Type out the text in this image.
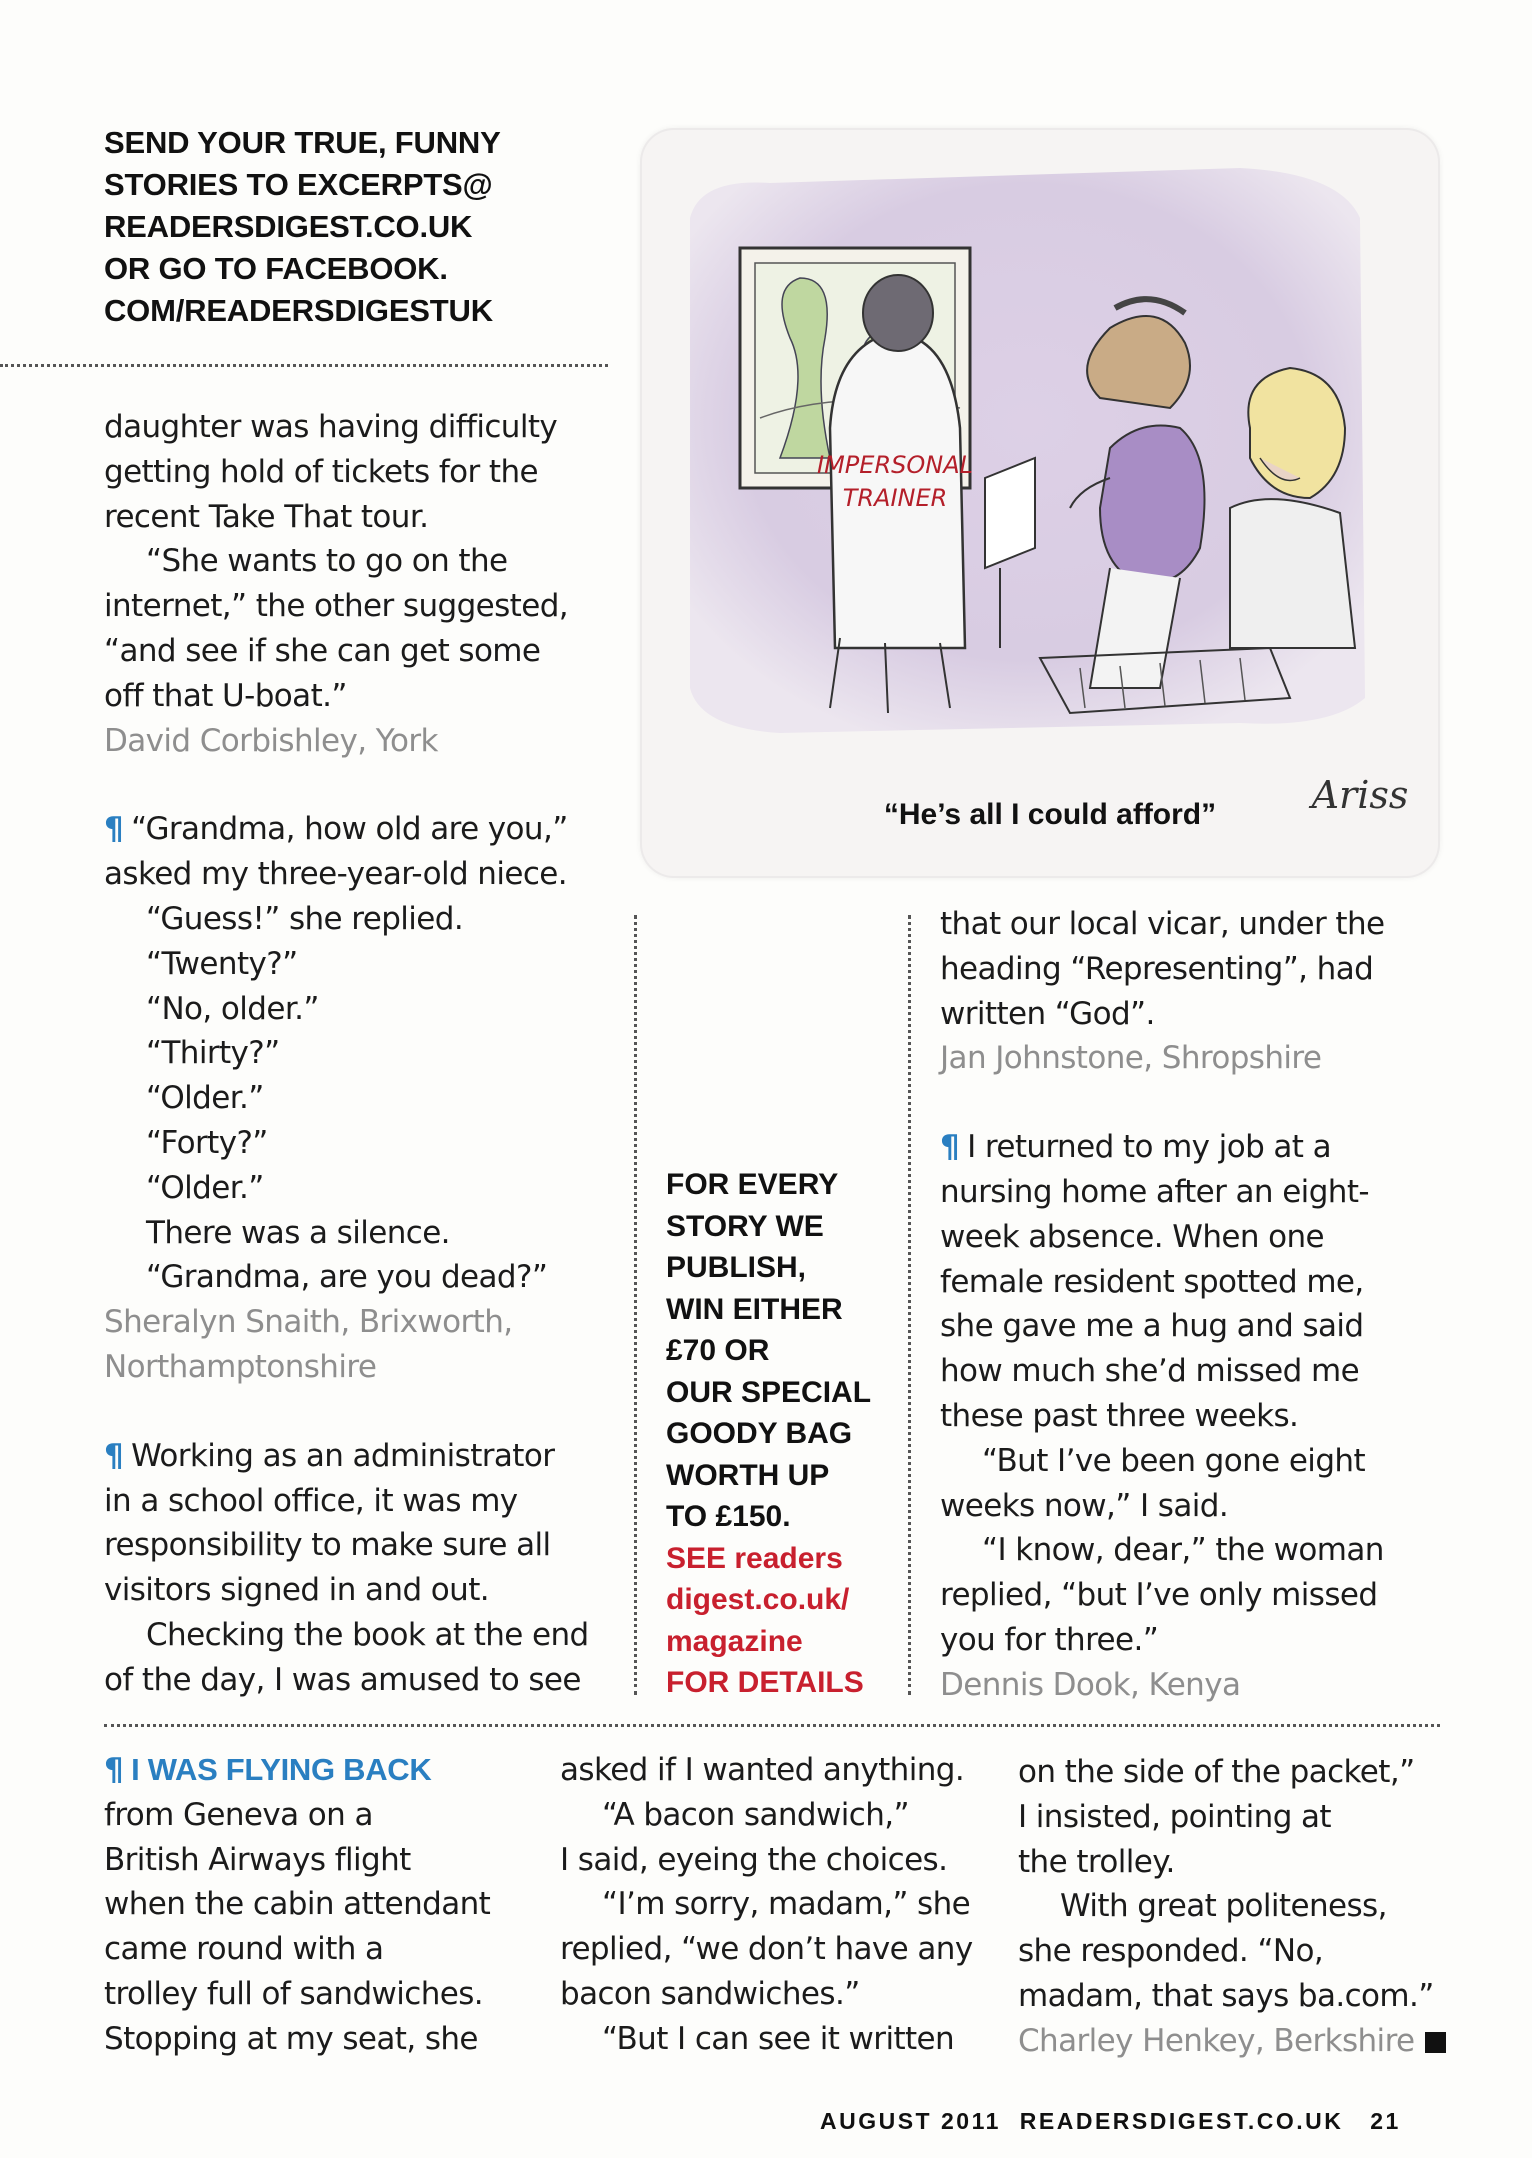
SEND YOUR TRUE, FUNNY
STORIES TO EXCERPTS@
READERSDIGEST.CO.UK
OR GO TO FACEBOOK.
COM/READERSDIGESTUK

daughter was having difficulty

getting hold of tickets for the

recent Take That tour.

“She wants to go on the

internet,” the other suggested,

“and see if she can get some

off that U-boat.”

David Corbishley, York

¶ “Grandma, how old are you,”

asked my three-year-old niece.

“Guess!” she replied.

“Twenty?”

“No, older.”

“Thirty?”

“Older.”

“Forty?”

“Older.”

There was a silence.

“Grandma, are you dead?”

Sheralyn Snaith, Brixworth,

Northamptonshire

¶ Working as an administrator

in a school office, it was my

responsibility to make sure all

visitors signed in and out.

Checking the book at the end

of the day, I was amused to see

IMPERSONAL
TRAINER
Ariss
“He’s all I could afford”

FOR EVERY

STORY WE

PUBLISH,

WIN EITHER

£70 OR

OUR SPECIAL

GOODY BAG

WORTH UP

TO £150.

SEE readers

digest.co.uk/

magazine

FOR DETAILS

that our local vicar, under the

heading “Representing”, had

written “God”.

Jan Johnstone, Shropshire

¶ I returned to my job at a

nursing home after an eight-

week absence. When one

female resident spotted me,

she gave me a hug and said

how much she’d missed me

these past three weeks.

“But I’ve been gone eight

weeks now,” I said.

“I know, dear,” the woman

replied, “but I’ve only missed

you for three.”

Dennis Dook, Kenya

¶ I WAS FLYING BACK

from Geneva on a

British Airways flight

when the cabin attendant

came round with a

trolley full of sandwiches.

Stopping at my seat, she

asked if I wanted anything.

“A bacon sandwich,”

I said, eyeing the choices.

“I’m sorry, madam,” she

replied, “we don’t have any

bacon sandwiches.”

“But I can see it written

on the side of the packet,”

I insisted, pointing at

the trolley.

With great politeness,

she responded. “No,

madam, that says ba.com.”

Charley Henkey, Berkshire

AUGUST 2011 READERSDIGEST.CO.UK 21
